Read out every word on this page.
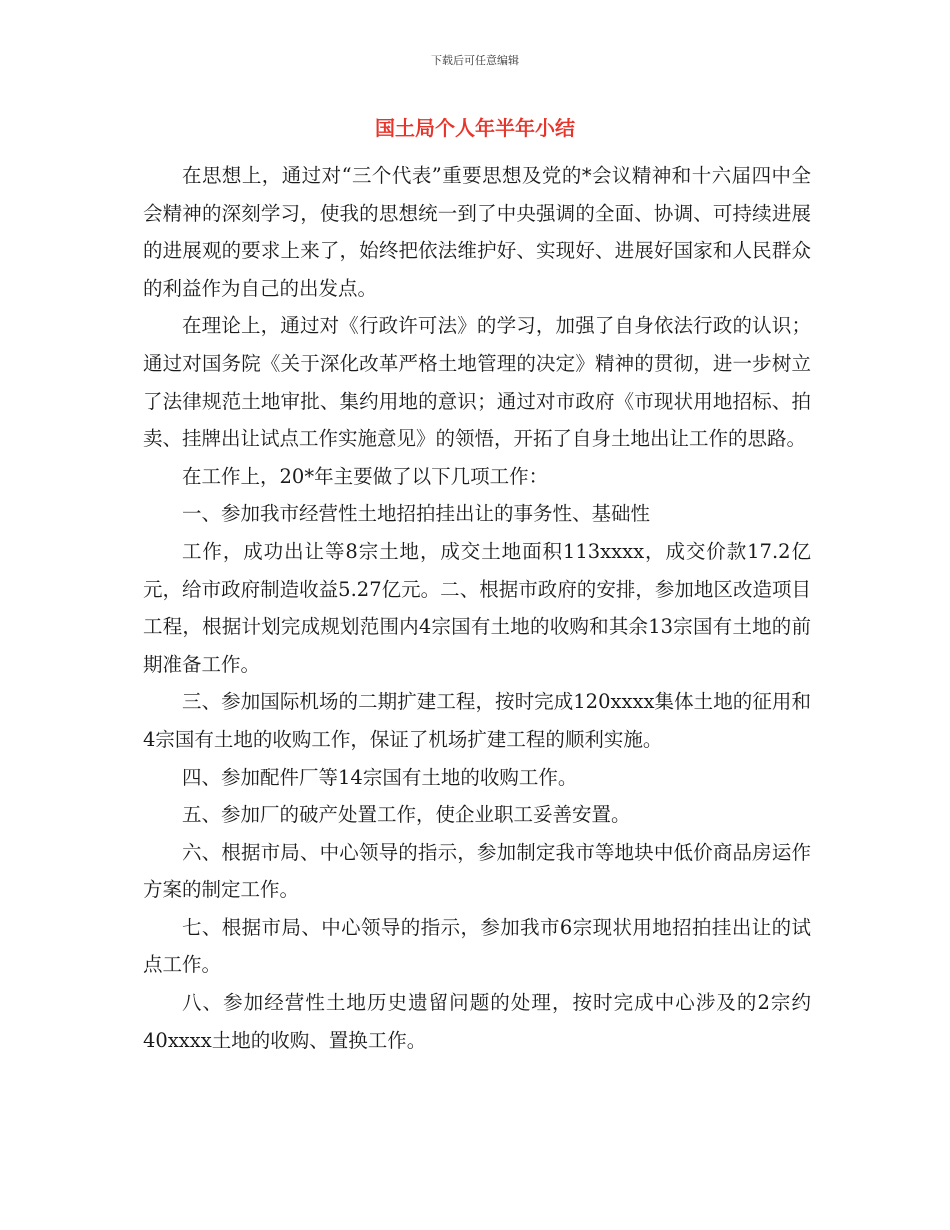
下载后可任意编辑
国土局个人年半年小结

在思想上，通过对“三个代表”重要思想及党的*会议精神和十六届四中全会精神的深刻学习，使我的思想统一到了中央强调的全面、协调、可持续进展的进展观的要求上来了，始终把依法维护好、实现好、进展好国家和人民群众的利益作为自己的出发点。

在理论上，通过对《行政许可法》的学习，加强了自身依法行政的认识；通过对国务院《关于深化改革严格土地管理的决定》精神的贯彻，进一步树立了法律规范土地审批、集约用地的意识；通过对市政府《市现状用地招标、拍卖、挂牌出让试点工作实施意见》的领悟，开拓了自身土地出让工作的思路。

在工作上，20*年主要做了以下几项工作：

一、参加我市经营性土地招拍挂出让的事务性、基础性

工作，成功出让等8宗土地，成交土地面积113xxxx，成交价款17.2亿元，给市政府制造收益5.27亿元。二、根据市政府的安排，参加地区改造项目工程，根据计划完成规划范围内4宗国有土地的收购和其余13宗国有土地的前期准备工作。

三、参加国际机场的二期扩建工程，按时完成120xxxx集体土地的征用和4宗国有土地的收购工作，保证了机场扩建工程的顺利实施。

四、参加配件厂等14宗国有土地的收购工作。

五、参加厂的破产处置工作，使企业职工妥善安置。

六、根据市局、中心领导的指示，参加制定我市等地块中低价商品房运作方案的制定工作。

七、根据市局、中心领导的指示，参加我市6宗现状用地招拍挂出让的试点工作。

八、参加经营性土地历史遗留问题的处理，按时完成中心涉及的2宗约40xxxx土地的收购、置换工作。
